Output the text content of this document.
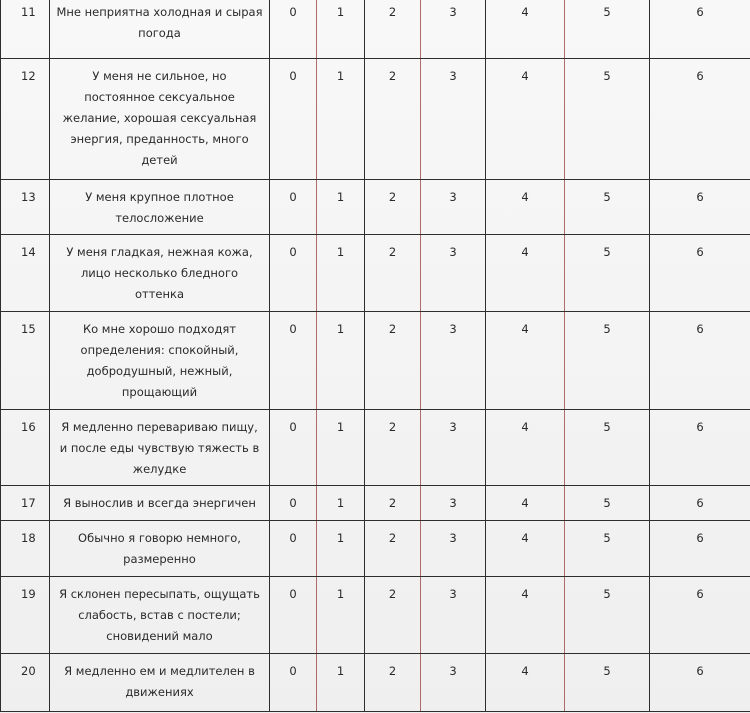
11	Мне неприятна холодная и сырая погода	0	1	2	3	4	5	6
12	У меня не сильное, но постоянное сексуальное желание, хорошая сексуальная энергия, преданность, много детей	0	1	2	3	4	5	6
13	У меня крупное плотное телосложение	0	1	2	3	4	5	6
14	У меня гладкая, нежная кожа, лицо несколько бледного оттенка	0	1	2	3	4	5	6
15	Ко мне хорошо подходят определения: спокойный, добродушный, нежный, прощающий	0	1	2	3	4	5	6
16	Я медленно перевариваю пищу, и после еды чувствую тяжесть в желудке	0	1	2	3	4	5	6
17	Я вынослив и всегда энергичен	0	1	2	3	4	5	6
18	Обычно я говорю немного, размеренно	0	1	2	3	4	5	6
19	Я склонен пересыпать, ощущать слабость, встав с постели; сновидений мало	0	1	2	3	4	5	6
20	Я медленно ем и медлителен в движениях	0	1	2	3	4	5	6
